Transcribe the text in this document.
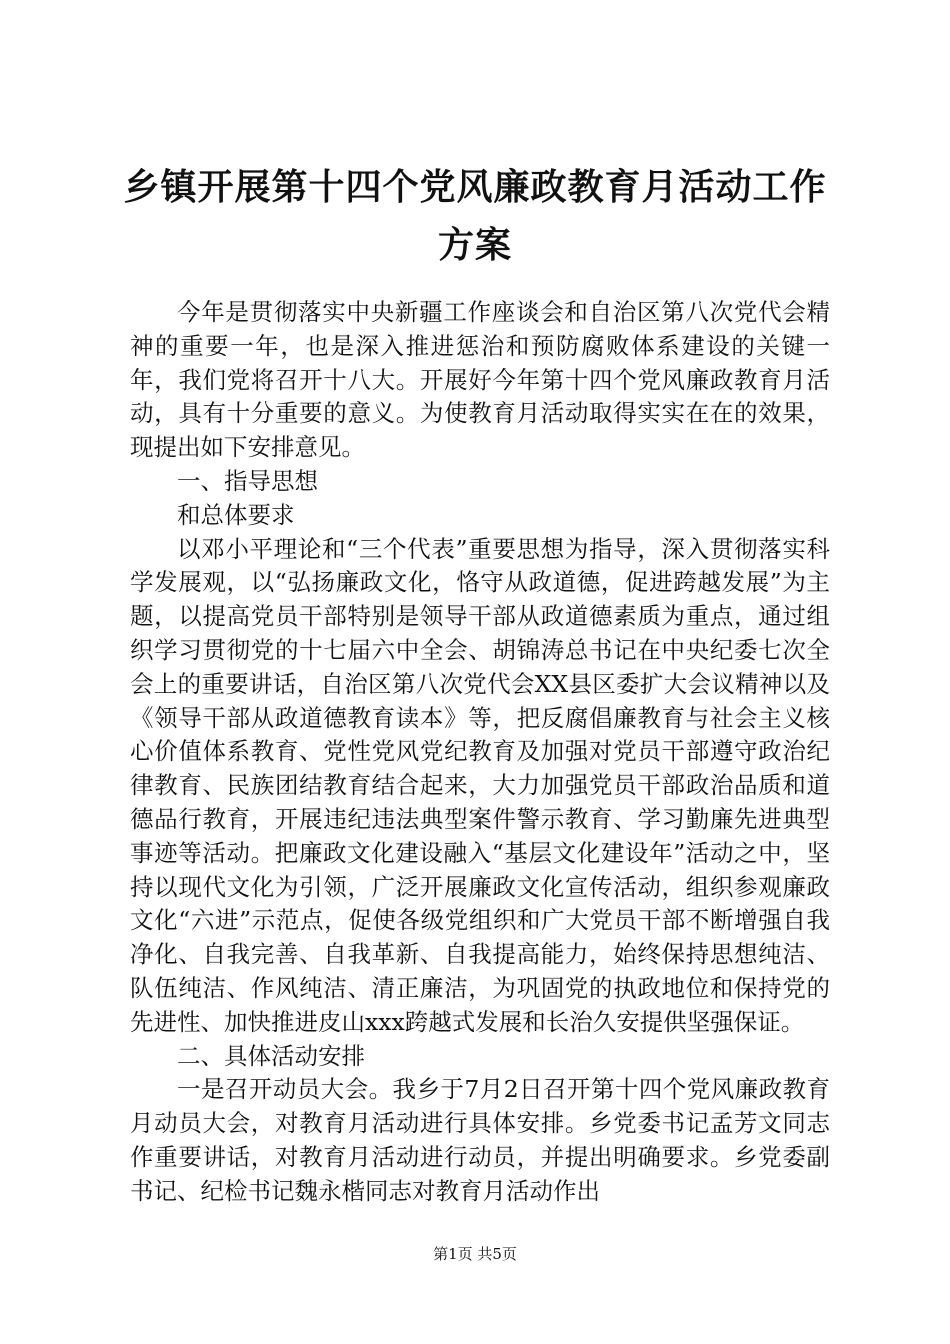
乡镇开展第十四个党风廉政教育月活动工作方案

今年是贯彻落实中央新疆工作座谈会和自治区第八次党代会精神的重要一年，也是深入推进惩治和预防腐败体系建设的关键一年，我们党将召开十八大。开展好今年第十四个党风廉政教育月活动，具有十分重要的意义。为使教育月活动取得实实在在的效果，现提出如下安排意见。

一、指导思想

和总体要求

以邓小平理论和“三个代表”重要思想为指导，深入贯彻落实科学发展观，以“弘扬廉政文化，恪守从政道德，促进跨越发展”为主题，以提高党员干部特别是领导干部从政道德素质为重点，通过组织学习贯彻党的十七届六中全会、胡锦涛总书记在中央纪委七次全会上的重要讲话，自治区第八次党代会XX县区委扩大会议精神以及《领导干部从政道德教育读本》等，把反腐倡廉教育与社会主义核心价值体系教育、党性党风党纪教育及加强对党员干部遵守政治纪律教育、民族团结教育结合起来，大力加强党员干部政治品质和道德品行教育，开展违纪违法典型案件警示教育、学习勤廉先进典型事迹等活动。把廉政文化建设融入“基层文化建设年”活动之中，坚持以现代文化为引领，广泛开展廉政文化宣传活动，组织参观廉政文化“六进”示范点，促使各级党组织和广大党员干部不断增强自我净化、自我完善、自我革新、自我提高能力，始终保持思想纯洁、队伍纯洁、作风纯洁、清正廉洁，为巩固党的执政地位和保持党的先进性、加快推进皮山xxx跨越式发展和长治久安提供坚强保证。

二、具体活动安排

一是召开动员大会。我乡于7月2日召开第十四个党风廉政教育月动员大会，对教育月活动进行具体安排。乡党委书记孟芳文同志作重要讲话，对教育月活动进行动员，并提出明确要求。乡党委副书记、纪检书记魏永楷同志对教育月活动作出

第1页 共5页
